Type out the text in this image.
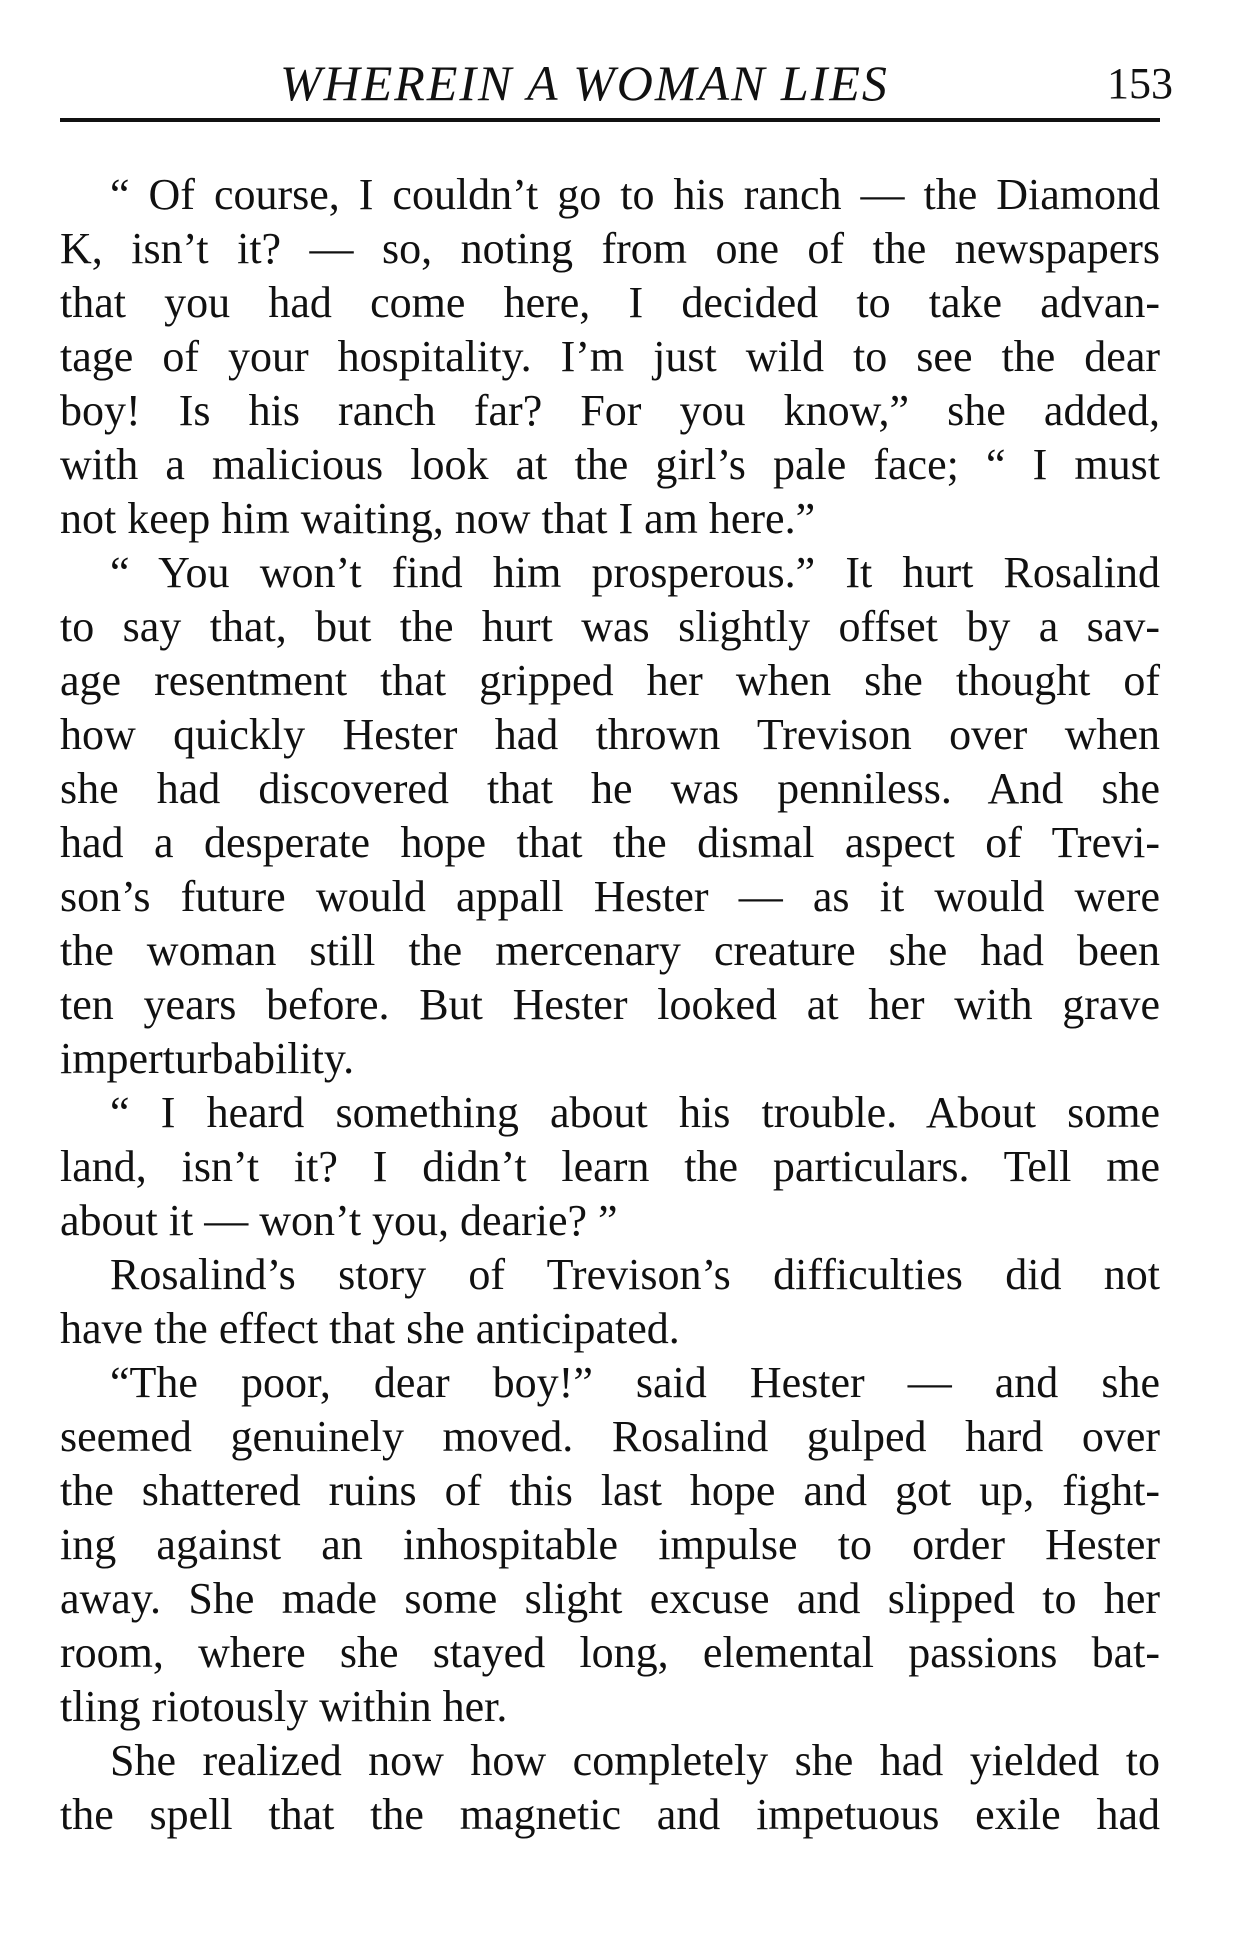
WHEREIN A WOMAN LIES	153
“ Of course, I couldn’t go to his ranch — the Diamond
K, isn’t it? — so, noting from one of the newspapers
that you had come here, I decided to take advan-
tage of your hospitality. I’m just wild to see the dear
boy! Is his ranch far? For you know,” she added,
with a malicious look at the girl’s pale face; “ I must
not keep him waiting, now that I am here.”
“ You won’t find him prosperous.” It hurt Rosalind
to say that, but the hurt was slightly offset by a sav-
age resentment that gripped her when she thought of
how quickly Hester had thrown Trevison over when
she had discovered that he was penniless. And she
had a desperate hope that the dismal aspect of Trevi-
son’s future would appall Hester — as it would were
the woman still the mercenary creature she had been
ten years before. But Hester looked at her with grave
imperturbability.
“ I heard something about his trouble. About some
land, isn’t it? I didn’t learn the particulars. Tell me
about it — won’t you, dearie? ”
Rosalind’s story of Trevison’s difficulties did not
have the effect that she anticipated.
“The poor, dear boy!” said Hester — and she
seemed genuinely moved. Rosalind gulped hard over
the shattered ruins of this last hope and got up, fight-
ing against an inhospitable impulse to order Hester
away. She made some slight excuse and slipped to her
room, where she stayed long, elemental passions bat-
tling riotously within her.
She realized now how completely she had yielded to
the spell that the magnetic and impetuous exile had
